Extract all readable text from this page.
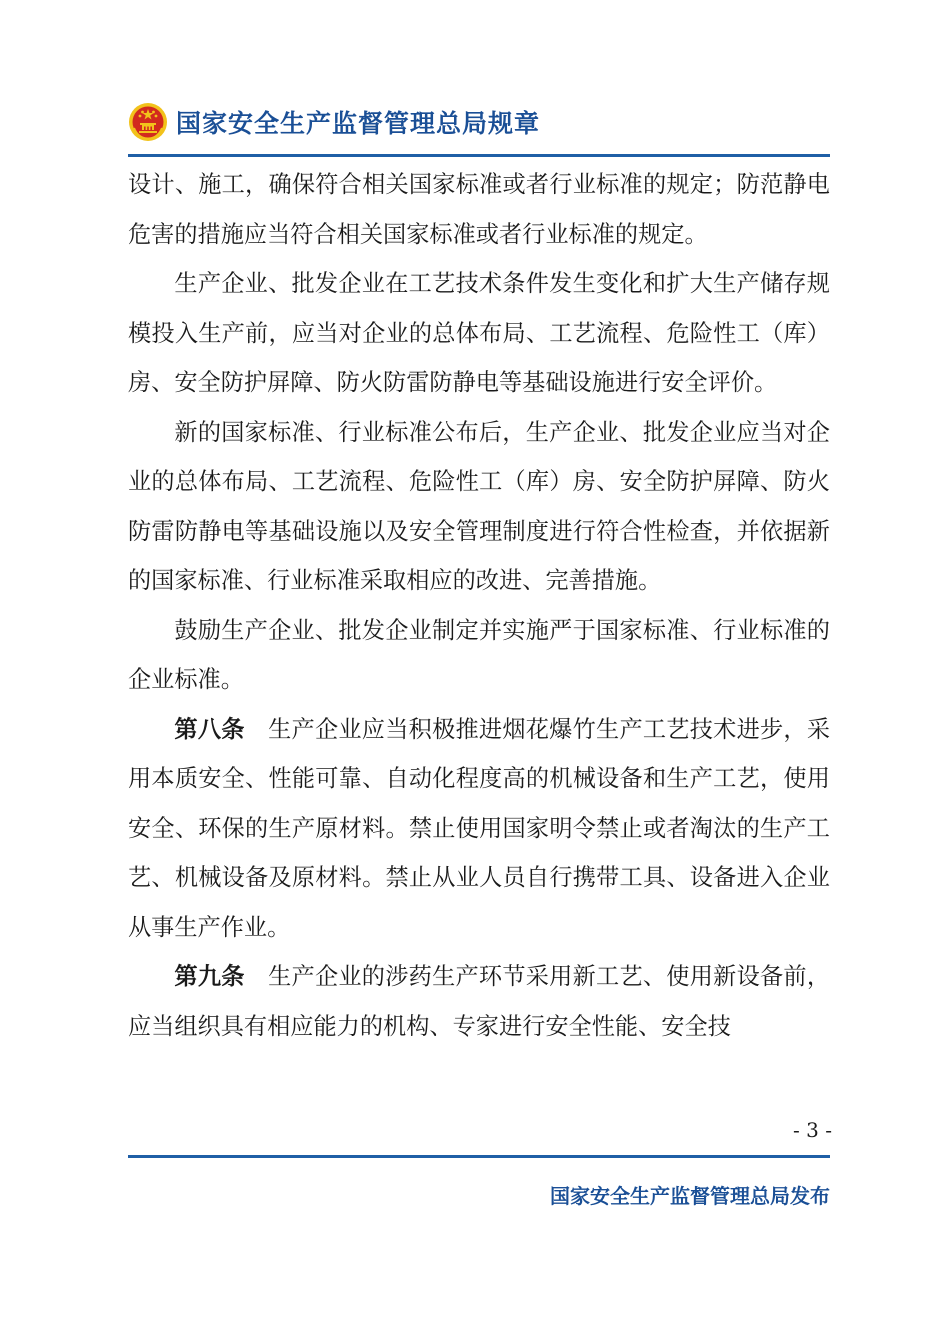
国家安全生产监督管理总局规章

设计、施工，确保符合相关国家标准或者行业标准的规定；防范静电危害的措施应当符合相关国家标准或者行业标准的规定。

生产企业、批发企业在工艺技术条件发生变化和扩大生产储存规模投入生产前，应当对企业的总体布局、工艺流程、危险性工（库）房、安全防护屏障、防火防雷防静电等基础设施进行安全评价。

新的国家标准、行业标准公布后，生产企业、批发企业应当对企业的总体布局、工艺流程、危险性工（库）房、安全防护屏障、防火防雷防静电等基础设施以及安全管理制度进行符合性检查，并依据新的国家标准、行业标准采取相应的改进、完善措施。

鼓励生产企业、批发企业制定并实施严于国家标准、行业标准的企业标准。

第八条　 生产企业应当积极推进烟花爆竹生产工艺技术进步，采用本质安全、性能可靠、自动化程度高的机械设备和生产工艺，使用安全、环保的生产原材料。禁止使用国家明令禁止或者淘汰的生产工艺、机械设备及原材料。禁止从业人员自行携带工具、设备进入企业从事生产作业。

第九条　 生产企业的涉药生产环节采用新工艺、使用新设备前，应当组织具有相应能力的机构、专家进行安全性能、安全技

- 3 -
国家安全生产监督管理总局发布
